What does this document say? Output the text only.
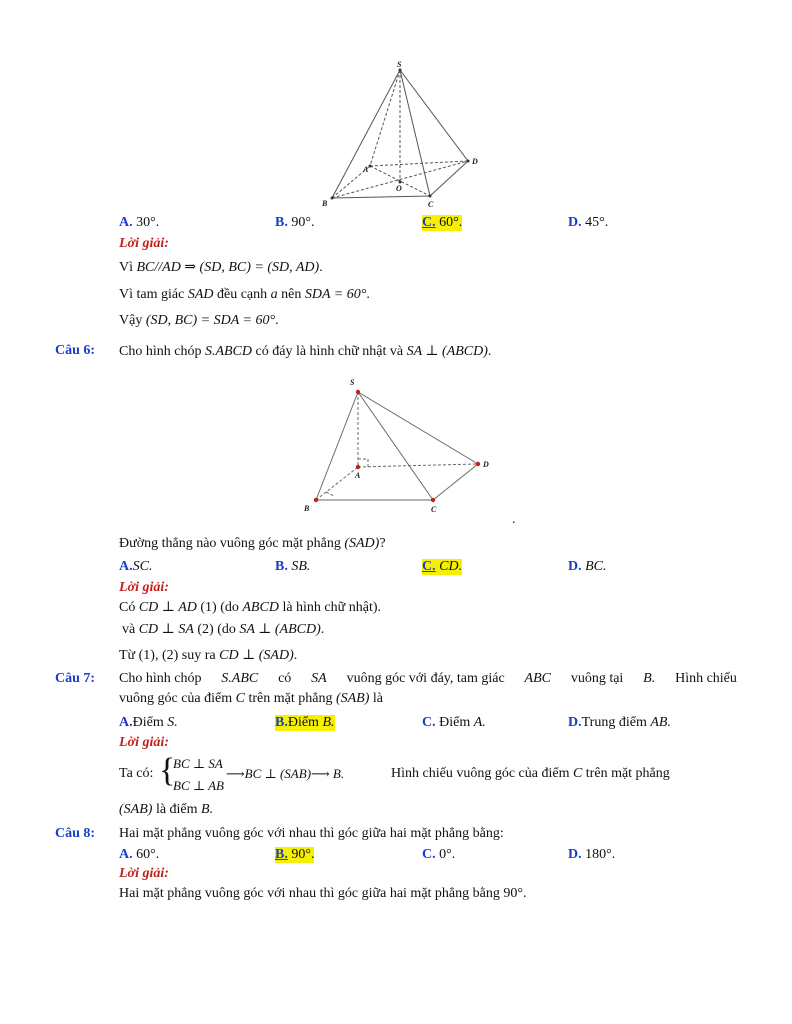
S
A
O
D
B	C
A. 30°.	B. 90°.	C. 60°.	D. 45°.
Lời giải:
Vì BC//AD ⇒ (SD, BC) = (SD, AD).
Vì tam giác SAD đều cạnh a nên SDA = 60°.
Vậy (SD, BC) = SDA = 60°.
Câu 6: Cho hình chóp S.ABCD có đáy là hình chữ nhật và SA ⊥ (ABCD).
S
A
D
B	C
.
Đường thẳng nào vuông góc mặt phẳng (SAD)?
A.SC.	B. SB.	C. CD.	D. BC.
Lời giải:
Có CD ⊥ AD (1) (do ABCD là hình chữ nhật).
và CD ⊥ SA (2) (do SA ⊥ (ABCD).
Từ (1), (2) suy ra CD ⊥ (SAD).
Câu 7: Cho hình chóp S.ABC có SA vuông góc với đáy, tam giác ABC vuông tại B. Hình chiếu
vuông góc của điểm C trên mặt phẳng (SAB) là
A.Điểm S.	B.Điểm B.	C. Điểm A.	D.Trung điểm AB.
Lời giải:
Ta có: {
BC ⊥ SA
BC ⊥ AB
⟶BC ⊥ (SAB)⟶ B.	Hình chiếu vuông góc của điểm C trên mặt phẳng
(SAB) là điểm B.
Câu 8: Hai mặt phẳng vuông góc với nhau thì góc giữa hai mặt phẳng bằng:
A. 60°.	B. 90°.	C. 0°.	D. 180°.
Lời giải:
Hai mặt phẳng vuông góc với nhau thì góc giữa hai mặt phẳng bằng 90°.
